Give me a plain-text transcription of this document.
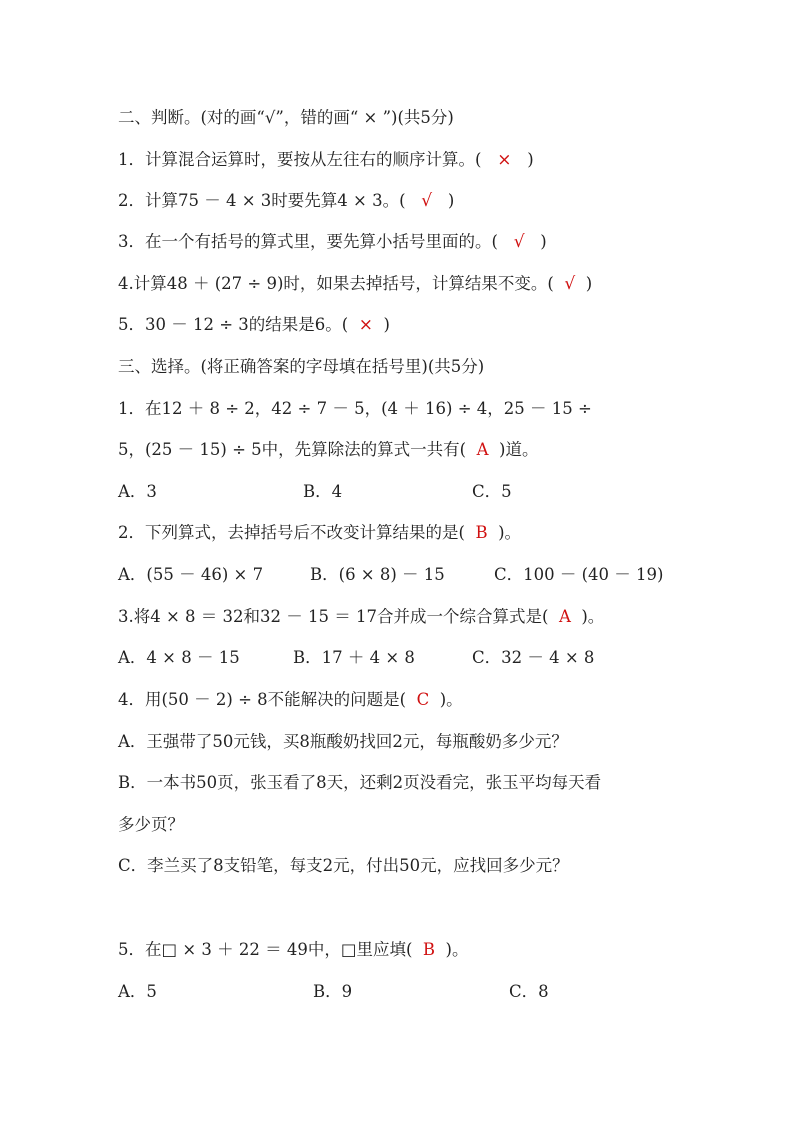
二、判断。(对的画“√”，错的画“ × ”)(共5分)
1．计算混合运算时，要按从左往右的顺序计算。( × )
2．计算75 － 4 × 3时要先算4 × 3。( √ )
3．在一个有括号的算式里，要先算小括号里面的。( √ )
4.计算48 ＋ (27 ÷ 9)时，如果去掉括号，计算结果不变。( √ )
5．30 － 12 ÷ 3的结果是6。( × )
三、选择。(将正确答案的字母填在括号里)(共5分)
1．在12 ＋ 8 ÷ 2，42 ÷ 7 － 5，(4 ＋ 16) ÷ 4，25 － 15 ÷
5，(25 － 15) ÷ 5中，先算除法的算式一共有( A )道。
A．3	B．4	C．5
2．下列算式，去掉括号后不改变计算结果的是( B )。
A．(55 － 46) × 7	B．(6 × 8) － 15	C．100 － (40 － 19)
3.将4 × 8 ＝ 32和32 － 15 ＝ 17合并成一个综合算式是( A )。
A．4 × 8 － 15	B．17 ＋ 4 × 8	C．32 － 4 × 8
4．用(50 － 2) ÷ 8不能解决的问题是( C )。
A．王强带了50元钱，买8瓶酸奶找回2元，每瓶酸奶多少元？
B．一本书50页，张玉看了8天，还剩2页没看完，张玉平均每天看
多少页？
C．李兰买了8支铅笔，每支2元，付出50元，应找回多少元？
5．在□ × 3 ＋ 22 ＝ 49中，□里应填( B )。
A．5	B．9	C．8
